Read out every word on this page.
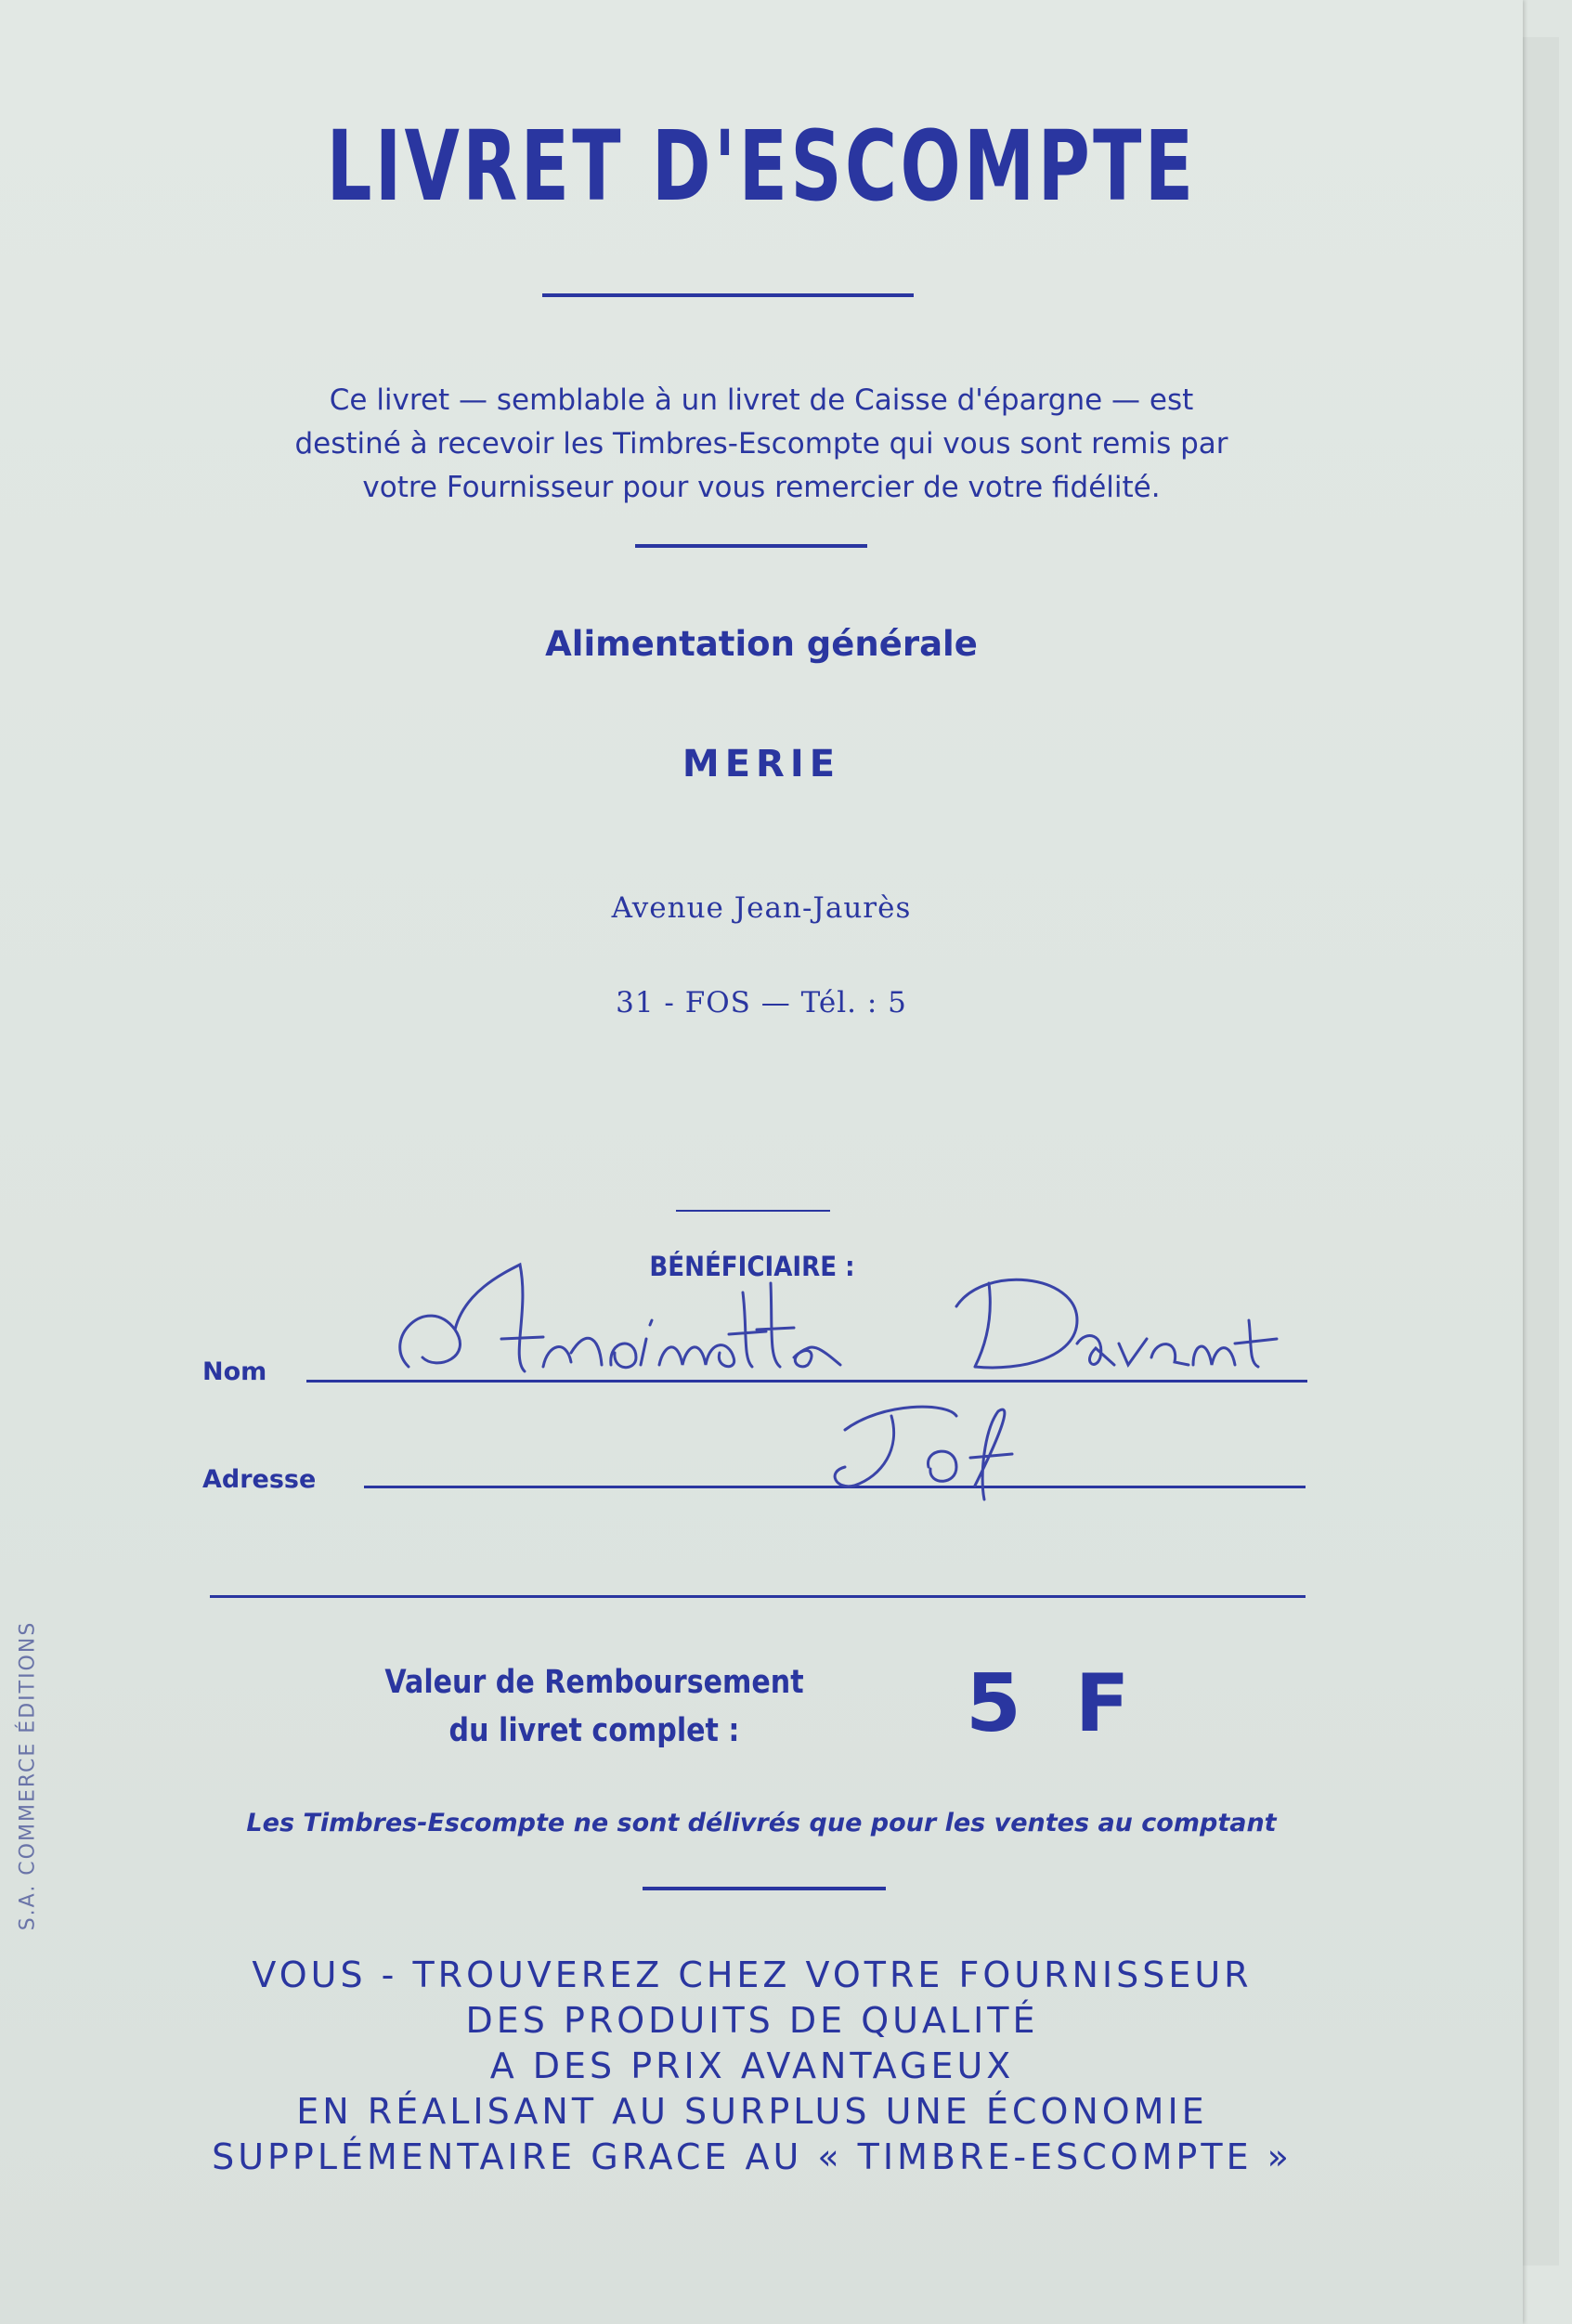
LIVRET D'ESCOMPTE
Ce livret — semblable à un livret de Caisse d'épargne — est
destiné à recevoir les Timbres-Escompte qui vous sont remis par
votre Fournisseur pour vous remercier de votre fidélité.
Alimentation générale
MERIE
Avenue Jean-Jaurès
31 - FOS — Tél. : 5
BÉNÉFICIAIRE :
Nom
Adresse
Valeur de Remboursement
du livret complet :	5 F
Les Timbres-Escompte ne sont délivrés que pour les ventes au comptant
VOUS - TROUVEREZ CHEZ VOTRE FOURNISSEUR
DES PRODUITS DE QUALITÉ
A DES PRIX AVANTAGEUX
EN RÉALISANT AU SURPLUS UNE ÉCONOMIE
SUPPLÉMENTAIRE GRACE AU « TIMBRE-ESCOMPTE »
S.A. COMMERCE ÉDITIONS
